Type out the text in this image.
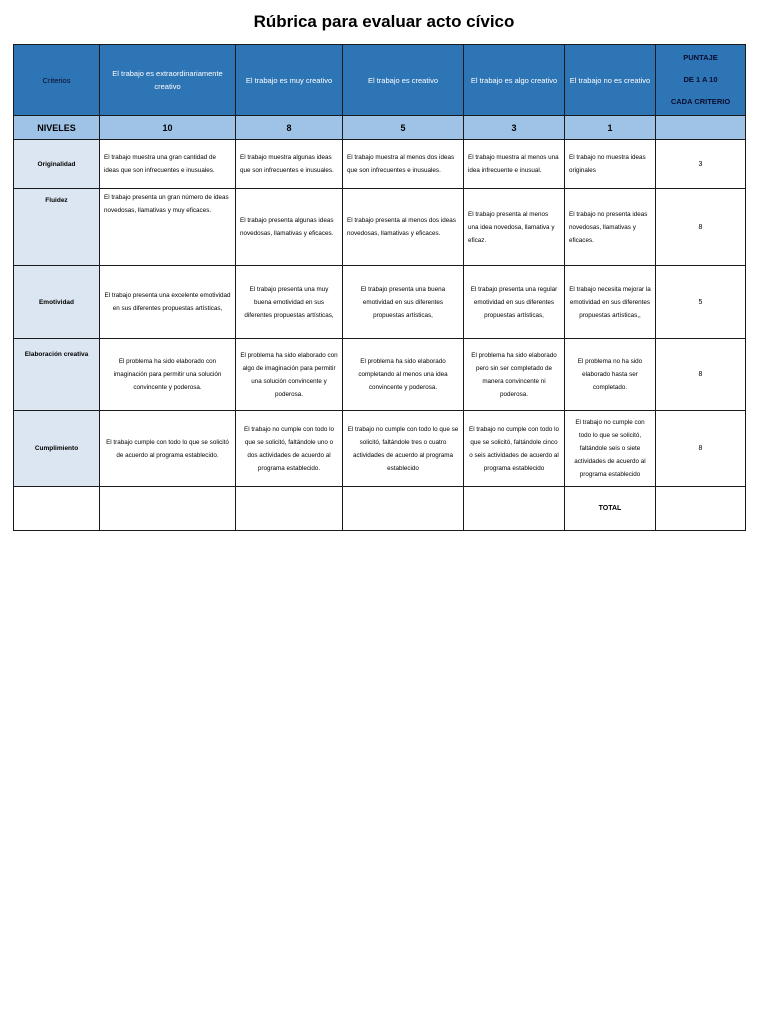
Rúbrica para evaluar acto cívico
Criterios	El trabajo es extraordinariamente creativo	El trabajo es muy creativo	El trabajo es creativo	El trabajo es algo creativo	El trabajo no es creativo	PUNTAJE
DE 1 A 10
CADA CRITERIO

NIVELES	10	8	5	3	1	
Originalidad	El trabajo muestra una gran cantidad de ideas que son infrecuentes e inusuales.	El trabajo muestra algunas ideas que son infrecuentes e inusuales.	El trabajo muestra al menos dos ideas que son infrecuentes e inusuales.	El trabajo muestra al menos una idea infrecuente e inusual.	El trabajo no muestra ideas originales	3
Fluidez	El trabajo presenta un gran número de ideas novedosas, llamativas y muy eficaces.	El trabajo presenta algunas ideas novedosas, llamativas y eficaces.	El trabajo presenta al menos dos ideas novedosas, llamativas y eficaces.	El trabajo presenta al menos una idea novedosa, llamativa y eficaz.	El trabajo no presenta ideas novedosas, llamativas y eficaces.	8
Emotividad	El trabajo presenta una excelente emotividad en sus diferentes propuestas artísticas,	El trabajo presenta una muy buena emotividad en sus diferentes propuestas artísticas,	El trabajo presenta una buena emotividad en sus diferentes propuestas artísticas,	El trabajo presenta una regular emotividad en sus diferentes propuestas artísticas,	El trabajo necesita mejorar la emotividad en sus diferentes propuestas artísticas,,	5
Elaboración creativa	El problema ha sido elaborado con imaginación para permitir una solución convincente y poderosa.	El problema ha sido elaborado con algo de imaginación para permitir una solución convincente y poderosa.	El problema ha sido elaborado completando al menos una idea convincente y poderosa.	El problema ha sido elaborado pero sin ser completado de manera convincente ni poderosa.	El problema no ha sido elaborado hasta ser completado.	8
Cumplimiento	El trabajo cumple con todo lo que se solicitó de acuerdo al programa establecido.	El trabajo no cumple con todo lo que se solicitó, faltándole uno o dos actividades de acuerdo al programa establecido.	El trabajo no cumple con todo lo que se solicitó, faltándole tres o cuatro actividades de acuerdo al programa establecido	El trabajo no cumple con todo lo que se solicitó, faltándole cinco o seis actividades de acuerdo al programa establecido	El trabajo no cumple con todo lo que se solicitó, faltándole seis o siete actividades de acuerdo al programa establecido	8
					TOTAL	
